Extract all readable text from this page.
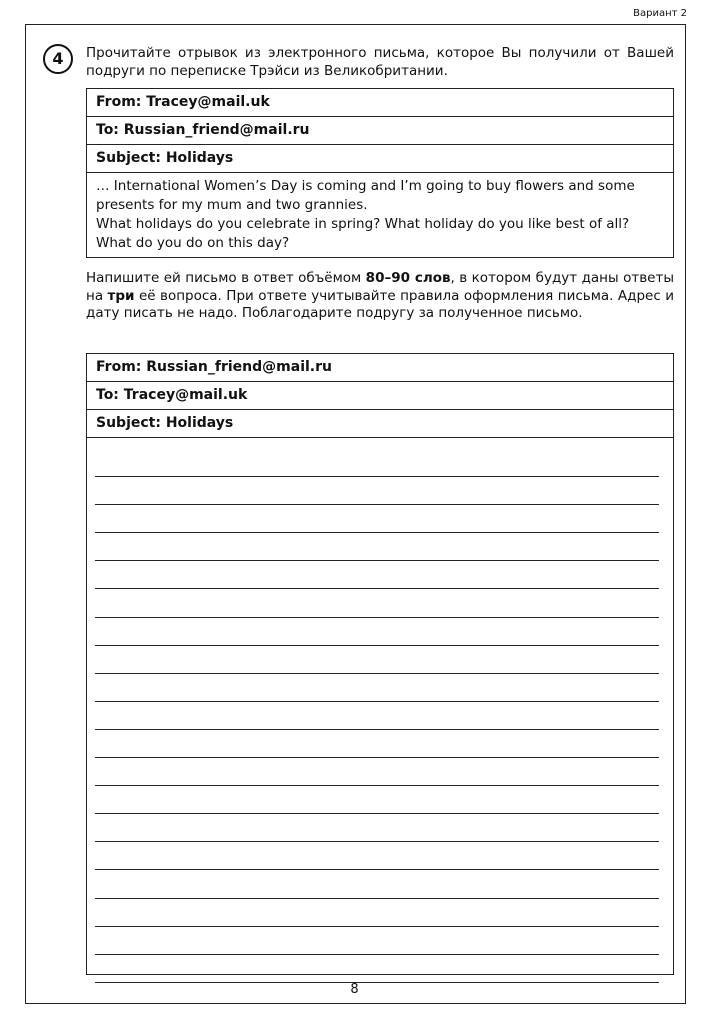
Вариант 2
4	Прочитайте отрывок из электронного письма, которое Вы получили от Вашей подруги по переписке Трэйси из Великобритании.
From: Tracey@mail.uk
To: Russian_friend@mail.ru
Subject: Holidays
… International Women’s Day is coming and I’m going to buy flowers and some
presents for my mum and two grannies.
What holidays do you celebrate in spring? What holiday do you like best of all?
What do you do on this day?
Напишите ей письмо в ответ объёмом 80–90 слов, в котором будут даны ответы на три её вопроса. При ответе учитывайте правила оформления письма. Адрес и дату писать не надо. Поблагодарите подругу за полученное письмо.
From: Russian_friend@mail.ru
To: Tracey@mail.uk
Subject: Holidays
8
